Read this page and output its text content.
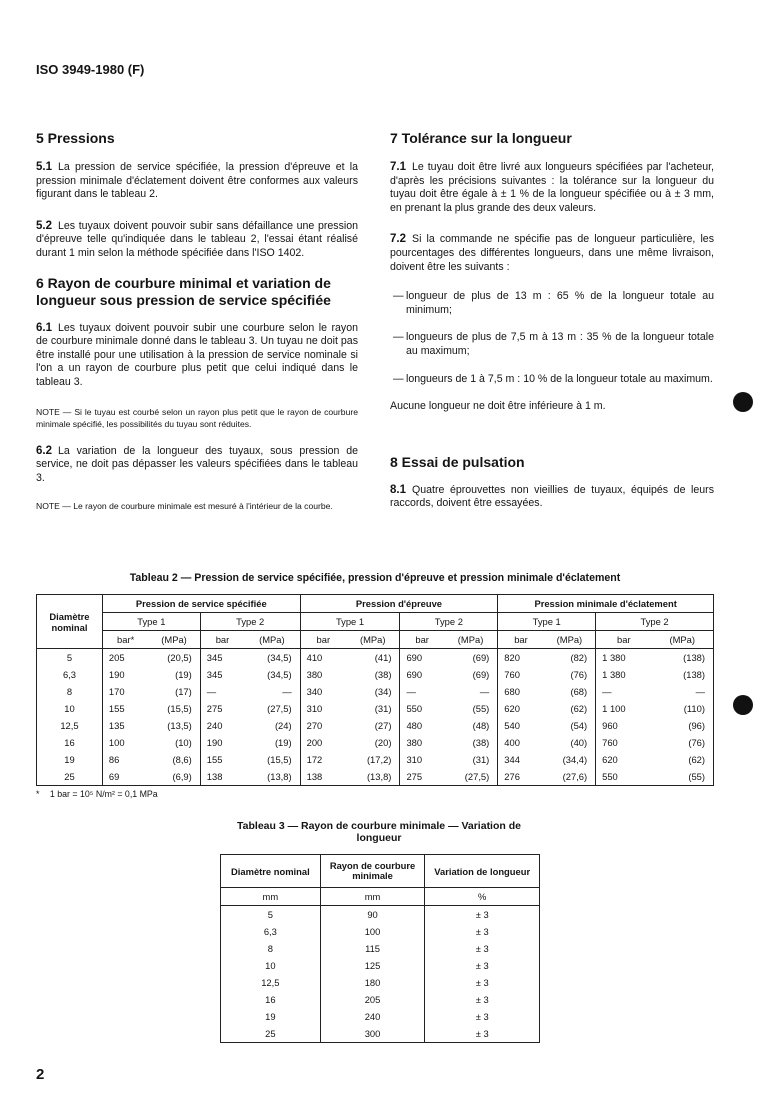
ISO 3949-1980 (F)
5 Pressions

5.1 La pression de service spécifiée, la pression d'épreuve et la pression minimale d'éclatement doivent être conformes aux valeurs figurant dans le tableau 2.

5.2 Les tuyaux doivent pouvoir subir sans défaillance une pression d'épreuve telle qu'indiquée dans le tableau 2, l'essai étant réalisé durant 1 min selon la méthode spécifiée dans l'ISO 1402.

6 Rayon de courbure minimal et variation de longueur sous pression de service spécifiée

6.1 Les tuyaux doivent pouvoir subir une courbure selon le rayon de courbure minimale donné dans le tableau 3. Un tuyau ne doit pas être installé pour une utilisation à la pression de service nominale si l'on a un rayon de courbure plus petit que celui indiqué dans le tableau 3.

NOTE — Si le tuyau est courbé selon un rayon plus petit que le rayon de courbure minimale spécifié, les possibilités du tuyau sont réduites.

6.2 La variation de la longueur des tuyaux, sous pression de service, ne doit pas dépasser les valeurs spécifiées dans le tableau 3.

NOTE — Le rayon de courbure minimale est mesuré à l'intérieur de la courbe.

7 Tolérance sur la longueur

7.1 Le tuyau doit être livré aux longueurs spécifiées par l'acheteur, d'après les précisions suivantes : la tolérance sur la longueur du tuyau doit être égale à ± 1 % de la longueur spécifiée ou à ± 3 mm, en prenant la plus grande des deux valeurs.

7.2 Si la commande ne spécifie pas de longueur particulière, les pourcentages des différentes longueurs, dans une même livraison, doivent être les suivants :

— longueur de plus de 13 m : 65 % de la longueur totale au minimum;

— longueurs de plus de 7,5 m à 13 m : 35 % de la longueur totale au maximum;

— longueurs de 1 à 7,5 m : 10 % de la longueur totale au maximum.

Aucune longueur ne doit être inférieure à 1 m.

8 Essai de pulsation

8.1 Quatre éprouvettes non vieillies de tuyaux, équipés de leurs raccords, doivent être essayées.

Tableau 2 — Pression de service spécifiée, pression d'épreuve et pression minimale d'éclatement
Diamètre nominal	Pression de service spécifiée				Pression d'épreuve				Pression minimale d'éclatement			
	Type 1		Type 2		Type 1		Type 2		Type 1		Type 2	
	bar*	(MPa)	bar	(MPa)	bar	(MPa)	bar	(MPa)	bar	(MPa)	bar	(MPa)
5	205	(20,5)	345	(34,5)	410	(41)	690	(69)	820	(82)	1 380	(138)
6,3	190	(19)	345	(34,5)	380	(38)	690	(69)	760	(76)	1 380	(138)
8	170	(17)	—	—	340	(34)	—	—	680	(68)	—	—
10	155	(15,5)	275	(27,5)	310	(31)	550	(55)	620	(62)	1 100	(110)
12,5	135	(13,5)	240	(24)	270	(27)	480	(48)	540	(54)	960	(96)
16	100	(10)	190	(19)	200	(20)	380	(38)	400	(40)	760	(76)
19	86	(8,6)	155	(15,5)	172	(17,2)	310	(31)	344	(34,4)	620	(62)
25	69	(6,9)	138	(13,8)	138	(13,8)	275	(27,5)	276	(27,6)	550	(55)
* 1 bar = 10⁵ N/m² = 0,1 MPa
Tableau 3 — Rayon de courbure minimale — Variation de longueur
Diamètre nominal	Rayon de courbure minimale	Variation de longueur
mm	mm	%
5	90	± 3
6,3	100	± 3
8	115	± 3
10	125	± 3
12,5	180	± 3
16	205	± 3
19	240	± 3
25	300	± 3
2
